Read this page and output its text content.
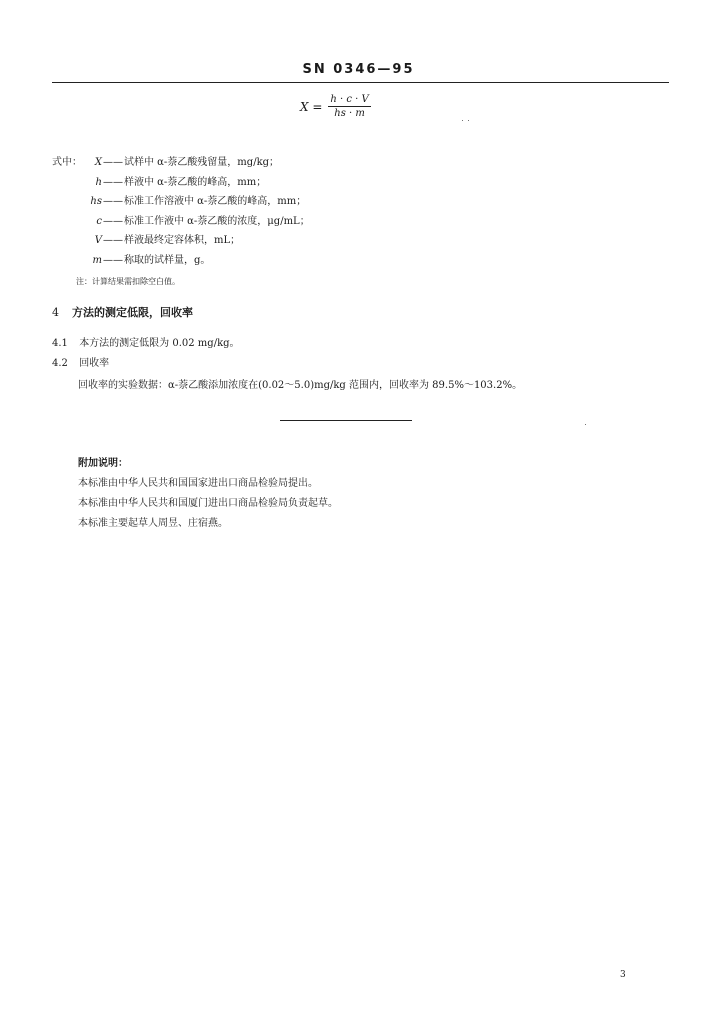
SN 0346—95
$X = \frac{h \cdot c \cdot V}{hs \cdot m}$
式中：	X —— 试样中 α-萘乙酸残留量，mg/kg；
h —— 样液中 α-萘乙酸的峰高，mm；
hs —— 标准工作溶液中 α-萘乙酸的峰高，mm；
c —— 标准工作液中 α-萘乙酸的浓度，μg/mL；
V —— 样液最终定容体积，mL；
m —— 称取的试样量，g。
注：计算结果需扣除空白值。
4 方法的测定低限，回收率
4.1 本方法的测定低限为 0.02 mg/kg。
4.2 回收率
回收率的实验数据：α-萘乙酸添加浓度在(0.02～5.0)mg/kg 范围内，回收率为 89.5%～103.2%。
附加说明：
本标准由中华人民共和国国家进出口商品检验局提出。
本标准由中华人民共和国厦门进出口商品检验局负责起草。
本标准主要起草人周昱、庄宿燕。
3
